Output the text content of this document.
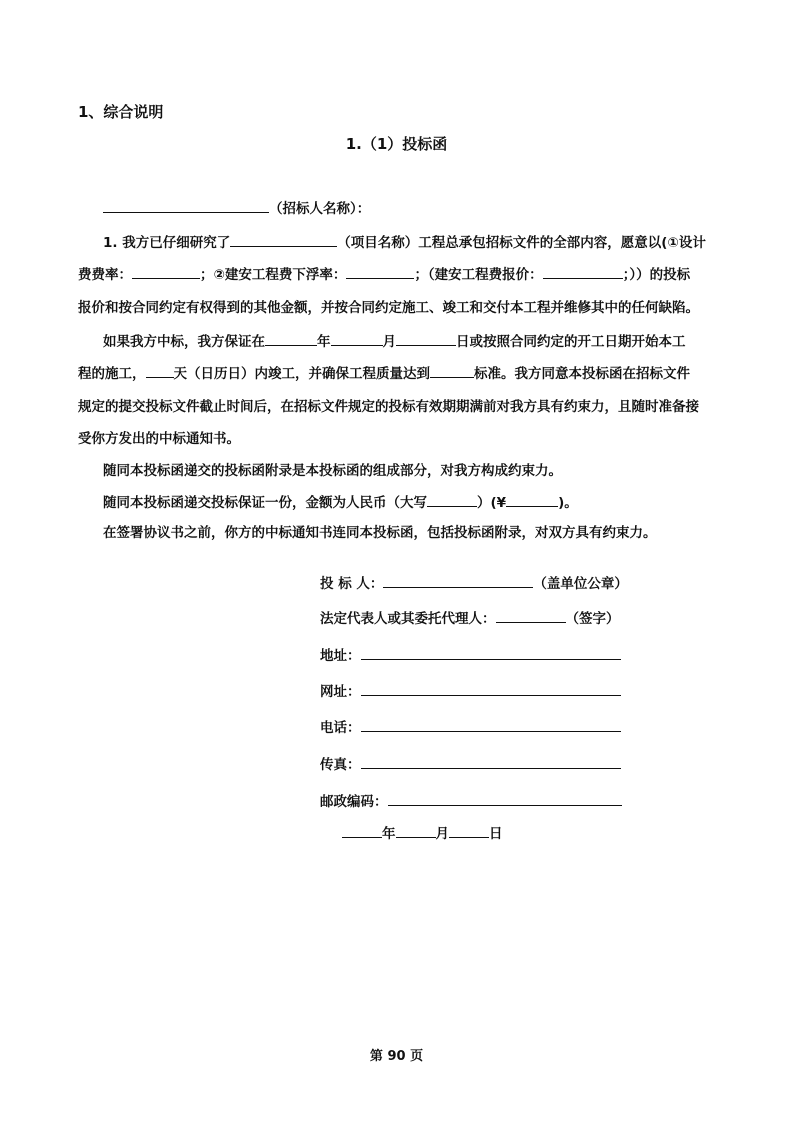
1、综合说明
1.（1）投标函
（招标人名称）：
1. 我方已仔细研究了	（项目名称）工程总承包招标文件的全部内容，愿意以(①设计
费费率：	；②建安工程费下浮率：	；（建安工程费报价：	；））的投标
报价和按合同约定有权得到的其他金额，并按合同约定施工、竣工和交付本工程并维修其中的任何缺陷。
如果我方中标，我方保证在	年	月	日或按照合同约定的开工日期开始本工
程的施工， 天（日历日）内竣工，并确保工程质量达到	标准。我方同意本投标函在招标文件
规定的提交投标文件截止时间后，在招标文件规定的投标有效期期满前对我方具有约束力，且随时准备接
受你方发出的中标通知书。
随同本投标函递交的投标函附录是本投标函的组成部分，对我方构成约束力。
随同本投标函递交投标保证一份，金额为人民币（大写	）(¥	)。
在签署协议书之前，你方的中标通知书连同本投标函，包括投标函附录，对双方具有约束力。
投 标 人：	（盖单位公章）
法定代表人或其委托代理人：	（签字）
地址：
网址：
电话：
传真：
邮政编码：
年	月	日
第 90 页
